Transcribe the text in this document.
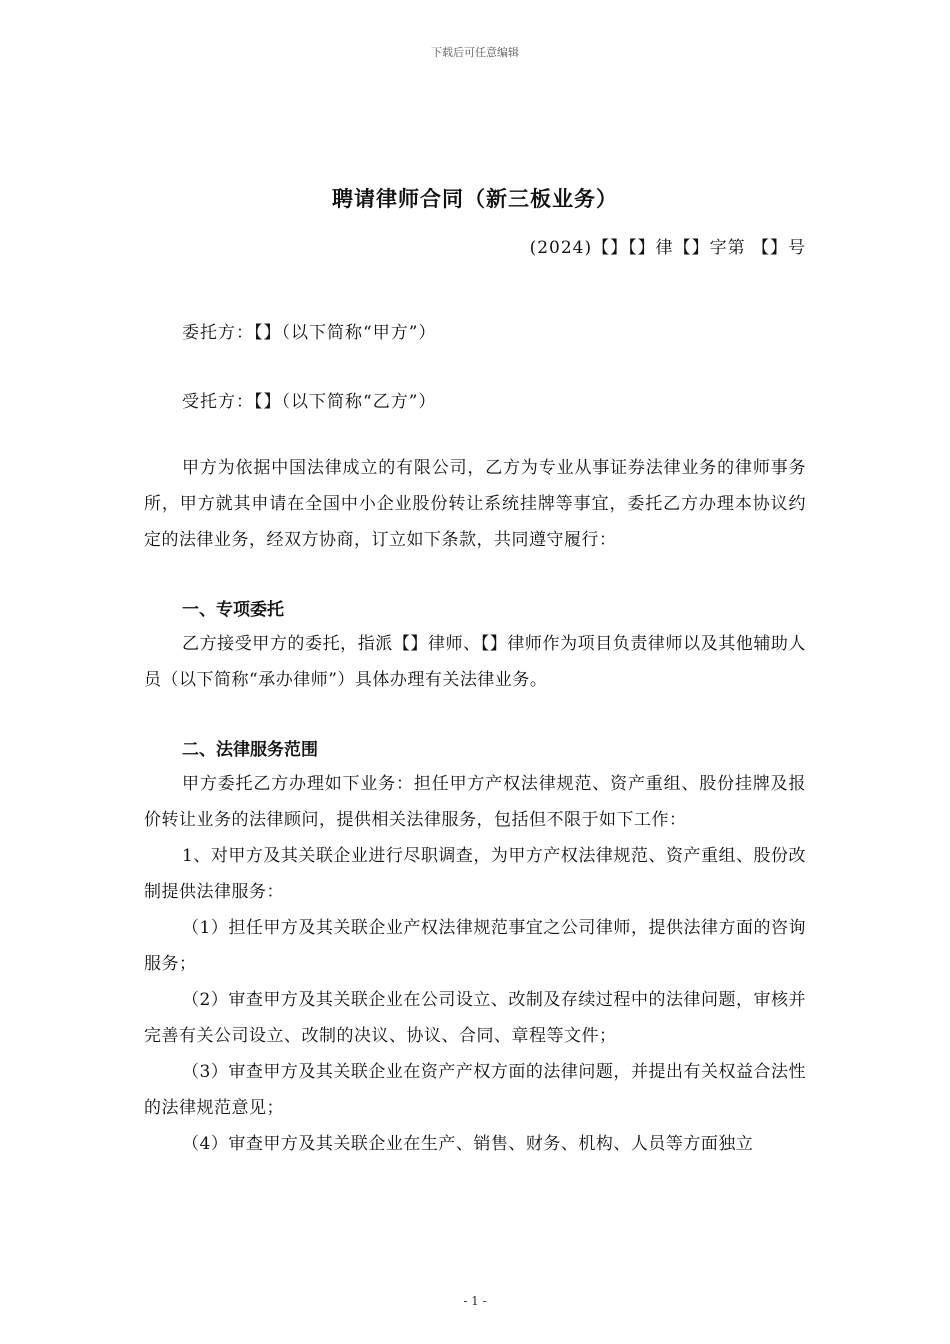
下载后可任意编辑
聘请律师合同（新三板业务）
(2024)【】【】律【】字第 【】号
委托方：【】（以下简称“甲方”）
受托方：【】（以下简称“乙方”）

甲方为依据中国法律成立的有限公司，乙方为专业从事证券法律业务的律师事务所，甲方就其申请在全国中小企业股份转让系统挂牌等事宜，委托乙方办理本协议约定的法律业务，经双方协商，订立如下条款，共同遵守履行：

一、专项委托

乙方接受甲方的委托，指派【】律师、【】律师作为项目负责律师以及其他辅助人员（以下简称“承办律师”）具体办理有关法律业务。

二、法律服务范围

甲方委托乙方办理如下业务：担任甲方产权法律规范、资产重组、股份挂牌及报价转让业务的法律顾问，提供相关法律服务，包括但不限于如下工作：

1、对甲方及其关联企业进行尽职调查，为甲方产权法律规范、资产重组、股份改制提供法律服务：

（1）担任甲方及其关联企业产权法律规范事宜之公司律师，提供法律方面的咨询服务；

（2）审查甲方及其关联企业在公司设立、改制及存续过程中的法律问题，审核并完善有关公司设立、改制的决议、协议、合同、章程等文件；

（3）审查甲方及其关联企业在资产产权方面的法律问题，并提出有关权益合法性的法律规范意见；

（4）审查甲方及其关联企业在生产、销售、财务、机构、人员等方面独立

- 1 -
